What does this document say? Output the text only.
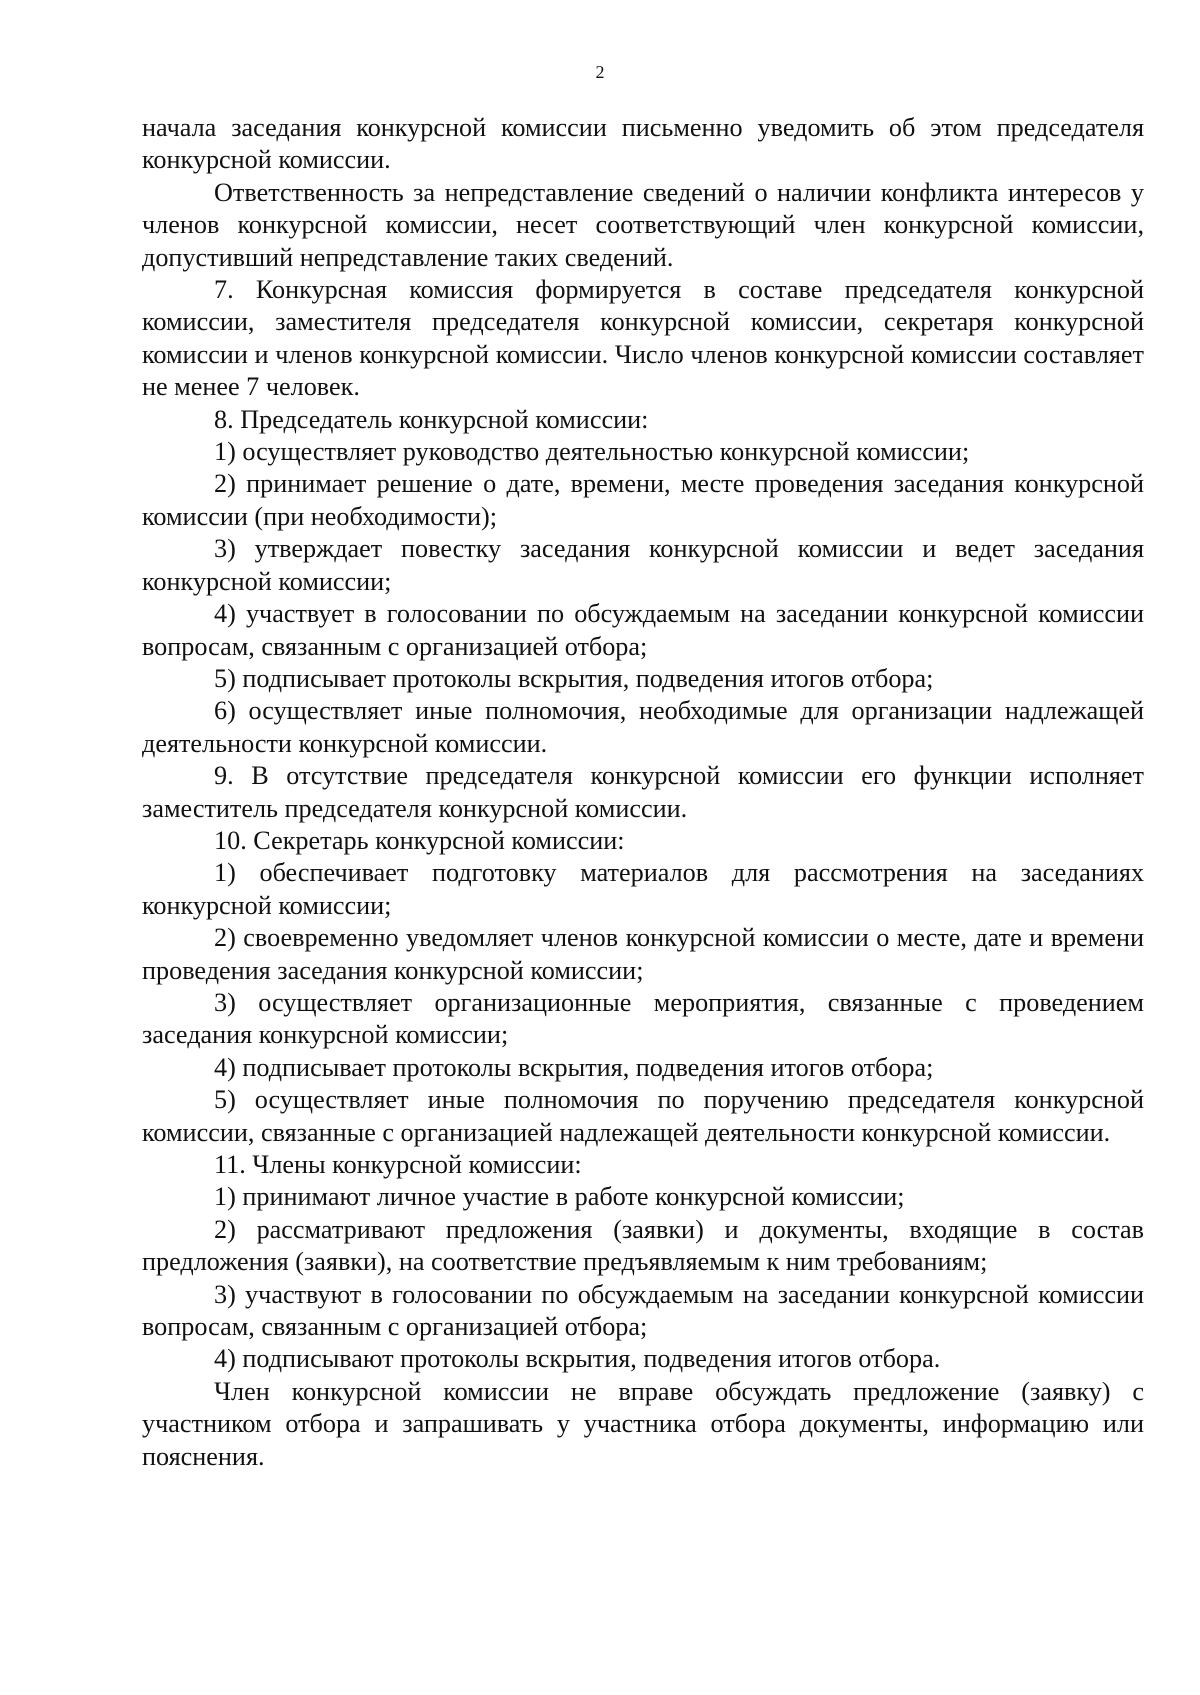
2

начала заседания конкурсной комиссии письменно уведомить об этом председателя конкурсной комиссии.

Ответственность за непредставление сведений о наличии конфликта интересов у членов конкурсной комиссии, несет соответствующий член конкурсной комиссии, допустивший непредставление таких сведений.

7. Конкурсная комиссия формируется в составе председателя конкурсной комиссии, заместителя председателя конкурсной комиссии, секретаря конкурсной комиссии и членов конкурсной комиссии. Число членов конкурсной комиссии составляет не менее 7 человек.

8. Председатель конкурсной комиссии:

1) осуществляет руководство деятельностью конкурсной комиссии;

2) принимает решение о дате, времени, месте проведения заседания конкурсной комиссии (при необходимости);

3) утверждает повестку заседания конкурсной комиссии и ведет заседания конкурсной комиссии;

4) участвует в голосовании по обсуждаемым на заседании конкурсной комиссии вопросам, связанным с организацией отбора;

5) подписывает протоколы вскрытия, подведения итогов отбора;

6) осуществляет иные полномочия, необходимые для организации надлежащей деятельности конкурсной комиссии.

9. В отсутствие председателя конкурсной комиссии его функции исполняет заместитель председателя конкурсной комиссии.

10. Секретарь конкурсной комиссии:

1) обеспечивает подготовку материалов для рассмотрения на заседаниях конкурсной комиссии;

2) своевременно уведомляет членов конкурсной комиссии о месте, дате и времени проведения заседания конкурсной комиссии;

3) осуществляет организационные мероприятия, связанные с проведением заседания конкурсной комиссии;

4) подписывает протоколы вскрытия, подведения итогов отбора;

5) осуществляет иные полномочия по поручению председателя конкурсной комиссии, связанные с организацией надлежащей деятельности конкурсной комиссии.

11. Члены конкурсной комиссии:

1) принимают личное участие в работе конкурсной комиссии;

2) рассматривают предложения (заявки) и документы, входящие в состав предложения (заявки), на соответствие предъявляемым к ним требованиям;

3) участвуют в голосовании по обсуждаемым на заседании конкурсной комиссии вопросам, связанным с организацией отбора;

4) подписывают протоколы вскрытия, подведения итогов отбора.

Член конкурсной комиссии не вправе обсуждать предложение (заявку) с участником отбора и запрашивать у участника отбора документы, информацию или пояснения.
